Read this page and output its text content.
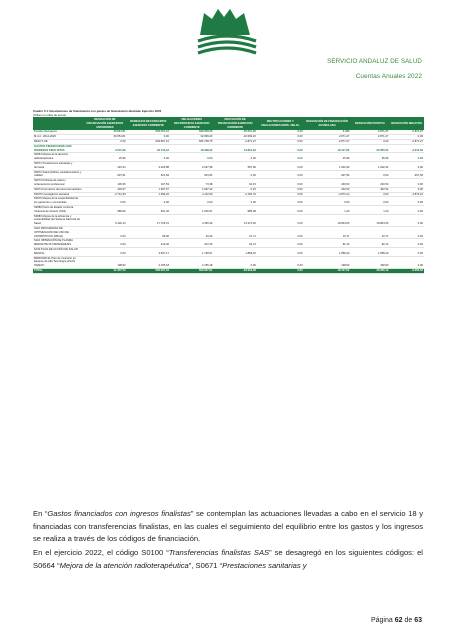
SERVICIO ANDALUZ DE SALUD
Cuentas Anuales 2022
Cuadro 5.1. Desviaciones de financiación con gastos de financiación afectada. Ejercicio 2022
(Cifras en miles de euros)
	DESVIACIÓN DE FINANCIACIÓN EJERCICIOS ANTERIORES	DERECHOS RECONOCIDOS EJERCICIO CORRIENTE	OBLIGACIONES RECONOCIDAS EJERCICIO CORRIENTE	DESVIACIÓN DE FINANCIACIÓN EJERCICIO CORRIENTE	RECTIFICACIONES Y ANULACIONES DERS. OBLIG.	DESVIACIÓN DE FINANCIACIÓN ACUMULADA	DESVIACIÓN POSITIVA	DESVIACIÓN NEGATIVA
Fondos Europeos	30.821,81	603.551,16	629.059,36	-25.551,29	0,00	5.403	2.871,27	-2.871,27
M.A.C. 2014-2020	30.651,81	0,00	32.699,20	-32.699,20	0,00	2.871,27	2.871,27	0,00
REACT-UE	0,00	603.807,16	606.738,75	-2.871,27	0,00	-2.871,27	0,00	-2.871,27
GASTOS FINANCIADOS CON INGRESOS FINALISTAS	3.515,28	32.716,34	19.298,42	13.801,33	0,00	18.417,56	22.605,52	-3.210,00
S0664 Mejora de la atención radioterapéutica	25,99	0,00	0,00	0,00	0,00	25,99	25,99	0,00
S0671 Prestaciones sanitarias y farmacia	415,34	3.225,88	2.637,98	587,90	0,00	1.002,92	1.002,92	0,00
S0672 Salud pública, sanidad exterior y calidad	-307,61	521,84	521,84	0,00	0,00	-307,56	0,00	-307,56
S0673 Políticas de salud y ordenamiento profesional	136,35	167,53	73,38	94,15	0,00	230,50	230,50	0,00
S0674 Formación del personal sanitario	402,37	1.997,57	1.997,42	0,15	0,00	402,52	402,52	0,00
S0675 Investigación sanitaria	-2.712,45	1.996,20	4.110,99	-2.160,79	0,00	-4.873,24	0,00	-4.873,24
S0676 Mejora de la sostenibilidad de los pacientes y sus familias	0,00	0,00	0,00	0,00	0,00	0,00	0,00	0,00
S0680 Pacto de Estado contra la Violencia de Género (SAS)	986,99	661,46	1.006,97	-985,38	0,00	1,20	1,20	0,00
S0683 Mejora de la eficiencia y sostenibilidad del Sistema Nacional de Salud	6.430,13	17.725,31	4.350,29	13.374,02	0,00	19.804,05	19.804,05	0,00
S110 PROGRAMAS DE OPTIMIZACIÓN DE USO DE ANTIBIÓTICOS (PROA)	0,00	69,00	46,29	10,71	0,00	10,71	10,71	0,00
S116 OBTENCIÓN DE PLASMA MEDIANTE PLASMAFÉRESIS	0,00	419,40	327,30	92,13	0,00	92,13	92,13	0,00
S130 PLAN DE ACCIÓN DE SALUD MENTAL	0,00	3.597,17	1.738,97	1.858,20	0,00	1.858,20	1.858,20	0,00
MRR0100131 Plan de Inversión en Equipos de Alta Tecnología (PLAN INVEAT)	198,90	2.155,18	2.155,18	0,00	0,00	198,90	198,90	0,00
TOTAL	41.337,70	636.267,53	659.967,61	-23.916,08	0,00	18.417,52	26.336,19	-9.062,63
En “Gastos financiados con ingresos finalistas” se contemplan las actuaciones llevadas a cabo en el servicio 18 y financiadas con transferencias finalistas, en las cuales el seguimiento del equilibrio entre los gastos y los ingresos se realiza a través de los códigos de financiación.
En el ejercicio 2022, el código S0100 “Transferencias finalistas SAS” se desagregó en los siguientes códigos: el S0664 “Mejora de la atención radioterapéutica”, S0671 “Prestaciones sanitarias y
Página 62 de 63
